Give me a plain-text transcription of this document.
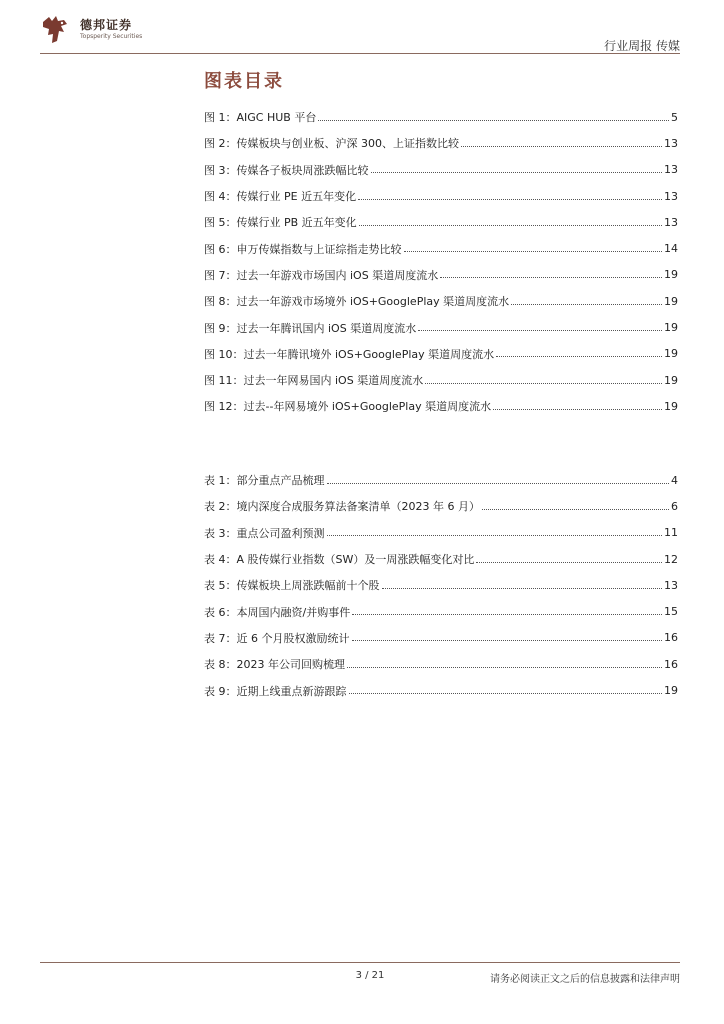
德邦证券
Topsperity Securities
行业周报 传媒
图表目录
图 1： AIGC HUB 平台	5
图 2： 传媒板块与创业板、沪深 300、上证指数比较	13
图 3： 传媒各子板块周涨跌幅比较	13
图 4： 传媒行业 PE 近五年变化	13
图 5： 传媒行业 PB 近五年变化	13
图 6： 申万传媒指数与上证综指走势比较	14
图 7： 过去一年游戏市场国内 iOS 渠道周度流水	19
图 8： 过去一年游戏市场境外 iOS+GooglePlay 渠道周度流水	19
图 9： 过去一年腾讯国内 iOS 渠道周度流水	19
图 10： 过去一年腾讯境外 iOS+GooglePlay 渠道周度流水	19
图 11： 过去一年网易国内 iOS 渠道周度流水	19
图 12： 过去--年网易境外 iOS+GooglePlay 渠道周度流水	19
表 1： 部分重点产品梳理	4
表 2： 境内深度合成服务算法备案清单（2023 年 6 月）	6
表 3： 重点公司盈利预测	11
表 4： A 股传媒行业指数（SW）及一周涨跌幅变化对比	12
表 5： 传媒板块上周涨跌幅前十个股	13
表 6： 本周国内融资/并购事件	15
表 7： 近 6 个月股权激励统计	16
表 8： 2023 年公司回购梳理	16
表 9： 近期上线重点新游跟踪	19
3 / 21	请务必阅读正文之后的信息披露和法律声明
